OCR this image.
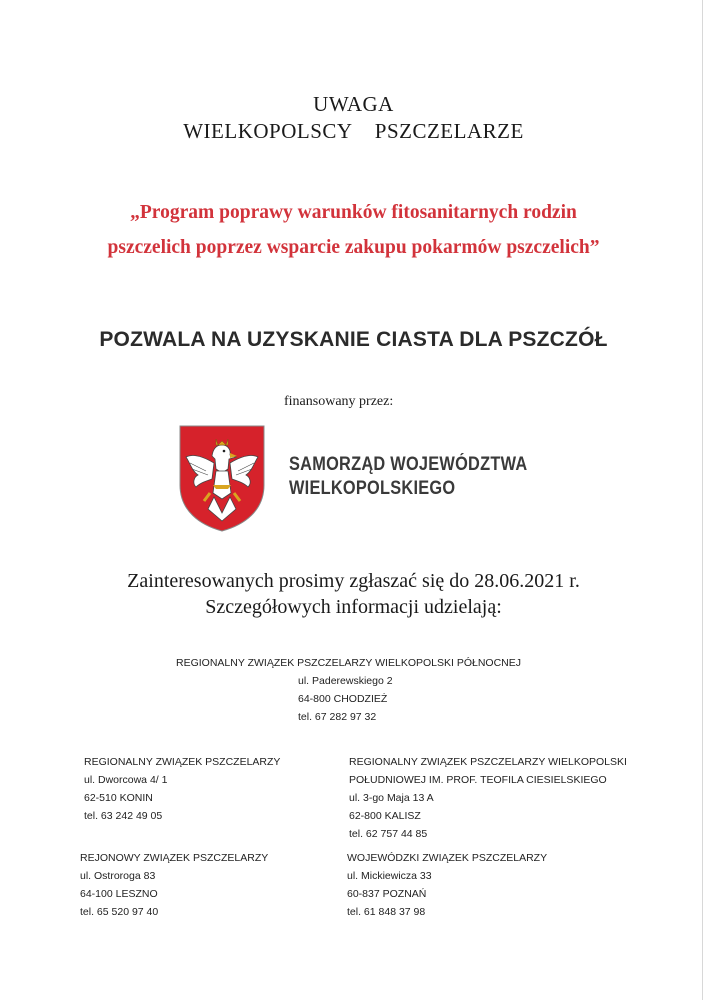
UWAGA
WIELKOPOLSCY    PSZCZELARZE
„Program poprawy warunków fitosanitarnych rodzin
pszczelich poprzez wsparcie zakupu pokarmów pszczelich”
POZWALA NA UZYSKANIE CIASTA DLA PSZCZÓŁ
finansowany przez:
SAMORZĄD WOJEWÓDZTWA
WIELKOPOLSKIEGO
Zainteresowanych prosimy zgłaszać się do 28.06.2021 r.
Szczegółowych informacji udzielają:
REGIONALNY ZWIĄZEK PSZCZELARZY WIELKOPOLSKI PÓŁNOCNEJ
ul. Paderewskiego 2
64-800 CHODZIEŻ
tel. 67 282 97 32
REGIONALNY ZWIĄZEK PSZCZELARZY
ul. Dworcowa 4/ 1
62-510 KONIN
tel. 63 242 49 05
REGIONALNY ZWIĄZEK PSZCZELARZY WIELKOPOLSKI
POŁUDNIOWEJ IM. PROF. TEOFILA CIESIELSKIEGO
ul. 3-go Maja 13 A
62-800 KALISZ
tel. 62 757 44 85
REJONOWY ZWIĄZEK PSZCZELARZY
ul. Ostroroga 83
64-100 LESZNO
tel. 65 520 97 40
WOJEWÓDZKI ZWIĄZEK PSZCZELARZY
ul. Mickiewicza 33
60-837 POZNAŃ
tel. 61 848 37 98
